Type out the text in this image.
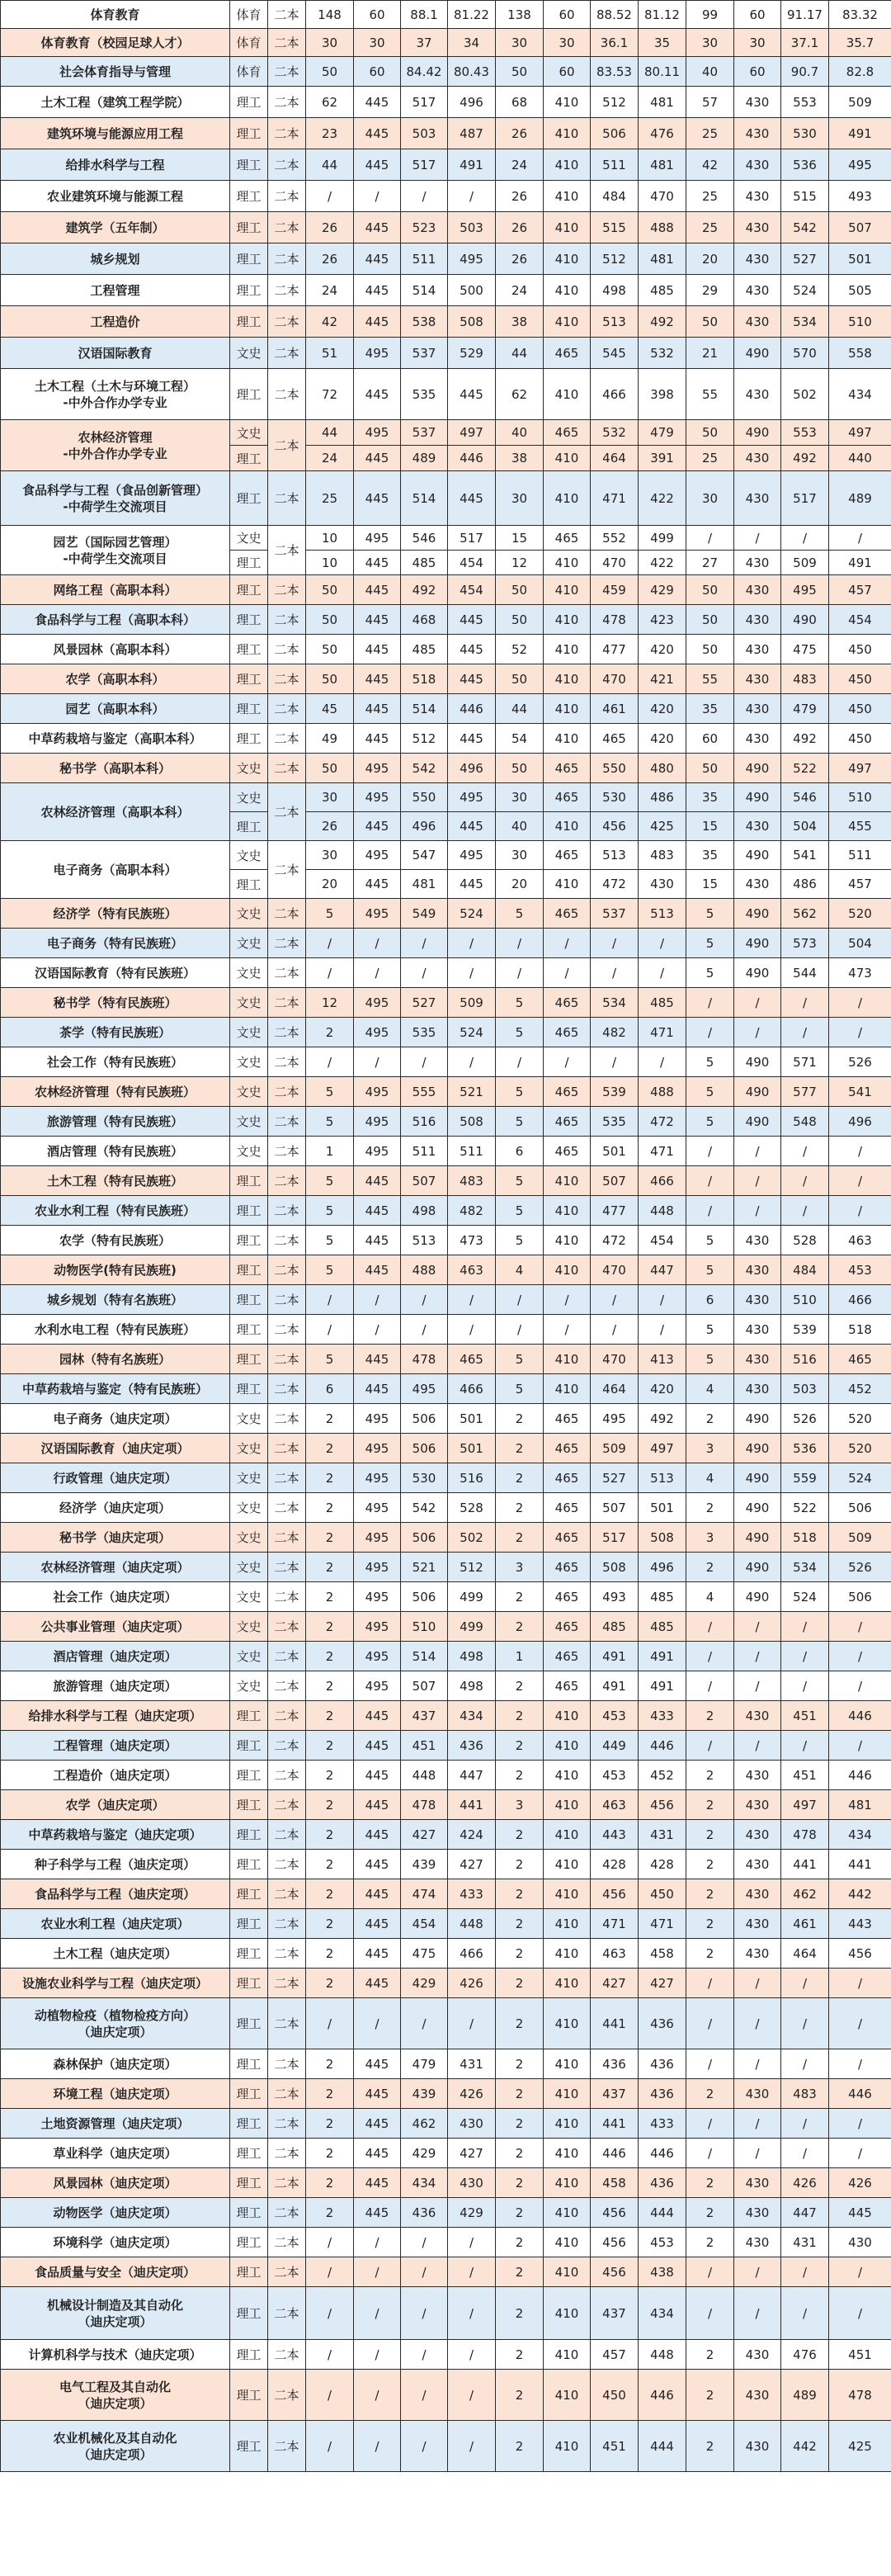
体育教育	体育	二本	148	60	88.1	81.22	138	60	88.52	81.12	99	60	91.17	83.32

体育教育（校园足球人才）	体育	二本	30	30	37	34	30	30	36.1	35	30	30	37.1	35.7

社会体育指导与管理	体育	二本	50	60	84.42	80.43	50	60	83.53	80.11	40	60	90.7	82.8

土木工程（建筑工程学院）	理工	二本	62	445	517	496	68	410	512	481	57	430	553	509

建筑环境与能源应用工程	理工	二本	23	445	503	487	26	410	506	476	25	430	530	491

给排水科学与工程	理工	二本	44	445	517	491	24	410	511	481	42	430	536	495

农业建筑环境与能源工程	理工	二本	/	/	/	/	26	410	484	470	25	430	515	493

建筑学（五年制）	理工	二本	26	445	523	503	26	410	515	488	25	430	542	507

城乡规划	理工	二本	26	445	511	495	26	410	512	481	20	430	527	501

工程管理	理工	二本	24	445	514	500	24	410	498	485	29	430	524	505

工程造价	理工	二本	42	445	538	508	38	410	513	492	50	430	534	510

汉语国际教育	文史	二本	51	495	537	529	44	465	545	532	21	490	570	558

土木工程（土木与环境工程）
-中外合作办学专业	理工	二本	72	445	535	445	62	410	466	398	55	430	502	434

农林经济管理
-中外合作办学专业	文史	二本	44	495	537	497	40	465	532	479	50	490	553	497
	理工		24	445	489	446	38	410	464	391	25	430	492	440

食品科学与工程（食品创新管理）
-中荷学生交流项目	理工	二本	25	445	514	445	30	410	471	422	30	430	517	489

园艺（国际园艺管理）
-中荷学生交流项目	文史	二本	10	495	546	517	15	465	552	499	/	/	/	/
	理工		10	445	485	454	12	410	470	422	27	430	509	491

网络工程（高职本科）	理工	二本	50	445	492	454	50	410	459	429	50	430	495	457

食品科学与工程（高职本科）	理工	二本	50	445	468	445	50	410	478	423	50	430	490	454

风景园林（高职本科）	理工	二本	50	445	485	445	52	410	477	420	50	430	475	450

农学（高职本科）	理工	二本	50	445	518	445	50	410	470	421	55	430	483	450

园艺（高职本科）	理工	二本	45	445	514	446	44	410	461	420	35	430	479	450

中草药栽培与鉴定（高职本科）	理工	二本	49	445	512	445	54	410	465	420	60	430	492	450

秘书学（高职本科）	文史	二本	50	495	542	496	50	465	550	480	50	490	522	497

农林经济管理（高职本科）	文史	二本	30	495	550	495	30	465	530	486	35	490	546	510
	理工		26	445	496	445	40	410	456	425	15	430	504	455

电子商务（高职本科）	文史	二本	30	495	547	495	30	465	513	483	35	490	541	511
	理工		20	445	481	445	20	410	472	430	15	430	486	457

经济学（特有民族班）	文史	二本	5	495	549	524	5	465	537	513	5	490	562	520

电子商务（特有民族班）	文史	二本	/	/	/	/	/	/	/	/	5	490	573	504

汉语国际教育（特有民族班）	文史	二本	/	/	/	/	/	/	/	/	5	490	544	473

秘书学（特有民族班）	文史	二本	12	495	527	509	5	465	534	485	/	/	/	/

茶学（特有民族班）	文史	二本	2	495	535	524	5	465	482	471	/	/	/	/

社会工作（特有民族班）	文史	二本	/	/	/	/	/	/	/	/	5	490	571	526

农林经济管理（特有民族班）	文史	二本	5	495	555	521	5	465	539	488	5	490	577	541

旅游管理（特有民族班）	文史	二本	5	495	516	508	5	465	535	472	5	490	548	496

酒店管理（特有民族班）	文史	二本	1	495	511	511	6	465	501	471	/	/	/	/

土木工程（特有民族班）	理工	二本	5	445	507	483	5	410	507	466	/	/	/	/

农业水利工程（特有民族班）	理工	二本	5	445	498	482	5	410	477	448	/	/	/	/

农学（特有民族班）	理工	二本	5	445	513	473	5	410	472	454	5	430	528	463

动物医学(特有民族班)	理工	二本	5	445	488	463	4	410	470	447	5	430	484	453

城乡规划（特有名族班）	理工	二本	/	/	/	/	/	/	/	/	6	430	510	466

水利水电工程（特有民族班）	理工	二本	/	/	/	/	/	/	/	/	5	430	539	518

园林（特有名族班）	理工	二本	5	445	478	465	5	410	470	413	5	430	516	465

中草药栽培与鉴定（特有民族班）	理工	二本	6	445	495	466	5	410	464	420	4	430	503	452

电子商务（迪庆定项）	文史	二本	2	495	506	501	2	465	495	492	2	490	526	520

汉语国际教育（迪庆定项）	文史	二本	2	495	506	501	2	465	509	497	3	490	536	520

行政管理（迪庆定项）	文史	二本	2	495	530	516	2	465	527	513	4	490	559	524

经济学（迪庆定项）	文史	二本	2	495	542	528	2	465	507	501	2	490	522	506

秘书学（迪庆定项）	文史	二本	2	495	506	502	2	465	517	508	3	490	518	509

农林经济管理（迪庆定项）	文史	二本	2	495	521	512	3	465	508	496	2	490	534	526

社会工作（迪庆定项）	文史	二本	2	495	506	499	2	465	493	485	4	490	524	506

公共事业管理（迪庆定项）	文史	二本	2	495	510	499	2	465	485	485	/	/	/	/

酒店管理（迪庆定项）	文史	二本	2	495	514	498	1	465	491	491	/	/	/	/

旅游管理（迪庆定项）	文史	二本	2	495	507	498	2	465	491	491	/	/	/	/

给排水科学与工程（迪庆定项）	理工	二本	2	445	437	434	2	410	453	433	2	430	451	446

工程管理（迪庆定项）	理工	二本	2	445	451	436	2	410	449	446	/	/	/	/

工程造价（迪庆定项）	理工	二本	2	445	448	447	2	410	453	452	2	430	451	446

农学（迪庆定项）	理工	二本	2	445	478	441	3	410	463	456	2	430	497	481

中草药栽培与鉴定（迪庆定项）	理工	二本	2	445	427	424	2	410	443	431	2	430	478	434

种子科学与工程（迪庆定项）	理工	二本	2	445	439	427	2	410	428	428	2	430	441	441

食品科学与工程（迪庆定项）	理工	二本	2	445	474	433	2	410	456	450	2	430	462	442

农业水利工程（迪庆定项）	理工	二本	2	445	454	448	2	410	471	471	2	430	461	443

土木工程（迪庆定项）	理工	二本	2	445	475	466	2	410	463	458	2	430	464	456

设施农业科学与工程（迪庆定项）	理工	二本	2	445	429	426	2	410	427	427	/	/	/	/

动植物检疫（植物检疫方向）
（迪庆定项）	理工	二本	/	/	/	/	2	410	441	436	/	/	/	/

森林保护（迪庆定项）	理工	二本	2	445	479	431	2	410	436	436	/	/	/	/

环境工程（迪庆定项）	理工	二本	2	445	439	426	2	410	437	436	2	430	483	446

土地资源管理（迪庆定项）	理工	二本	2	445	462	430	2	410	441	433	/	/	/	/

草业科学（迪庆定项）	理工	二本	2	445	429	427	2	410	446	446	/	/	/	/

风景园林（迪庆定项）	理工	二本	2	445	434	430	2	410	458	436	2	430	426	426

动物医学（迪庆定项）	理工	二本	2	445	436	429	2	410	456	444	2	430	447	445

环境科学（迪庆定项）	理工	二本	/	/	/	/	2	410	456	453	2	430	431	430

食品质量与安全（迪庆定项）	理工	二本	/	/	/	/	2	410	456	438	/	/	/	/

机械设计制造及其自动化
（迪庆定项）	理工	二本	/	/	/	/	2	410	437	434	/	/	/	/

计算机科学与技术（迪庆定项）	理工	二本	/	/	/	/	2	410	457	448	2	430	476	451

电气工程及其自动化
（迪庆定项）	理工	二本	/	/	/	/	2	410	450	446	2	430	489	478

农业机械化及其自动化
（迪庆定项）	理工	二本	/	/	/	/	2	410	451	444	2	430	442	425
